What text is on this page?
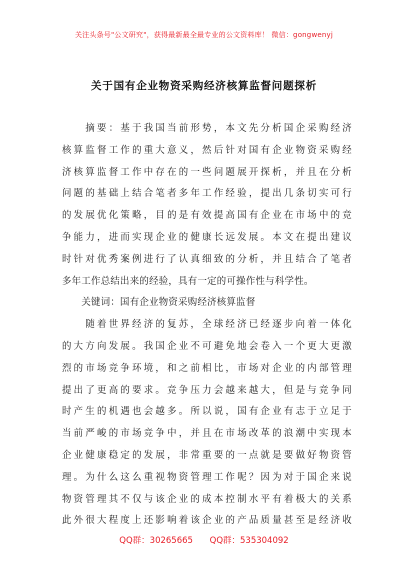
关注头条号"公文研究"，获得最新最全最专业的公文资料库！ 微信：gongwenyj
关于国有企业物资采购经济核算监督问题探析
　　摘要：基于我国当前形势，本文先分析国企采购经济
核算监督工作的重大意义，然后针对国有企业物资采购经
济核算监督工作中存在的一些问题展开探析，并且在分析
问题的基础上结合笔者多年工作经验，提出几条切实可行
的发展优化策略，目的是有效提高国有企业在市场中的竞
争能力，进而实现企业的健康长远发展。本文在提出建议
时针对优秀案例进行了认真细致的分析，并且结合了笔者
多年工作总结出来的经验，具有一定的可操作性与科学性。
　　关键词：国有企业物资采购经济核算监督
　　随着世界经济的复苏，全球经济已经逐步向着一体化
的大方向发展。我国企业不可避免地会卷入一个更大更激
烈的市场竞争环境，和之前相比，市场对企业的内部管理
提出了更高的要求。竞争压力会越来越大，但是与竞争同
时产生的机遇也会越多。所以说，国有企业有志于立足于
当前严峻的市场竞争中，并且在市场改革的浪潮中实现本
企业健康稳定的发展，非常重要的一点就是要做好物资管
理。为什么这么重视物资管理工作呢？因为对于国企来说
物资管理其不仅与该企业的成本控制水平有着极大的关系
此外很大程度上还影响着该企业的产品质量甚至是经济收
QQ群：30265665 QQ群：535304092
